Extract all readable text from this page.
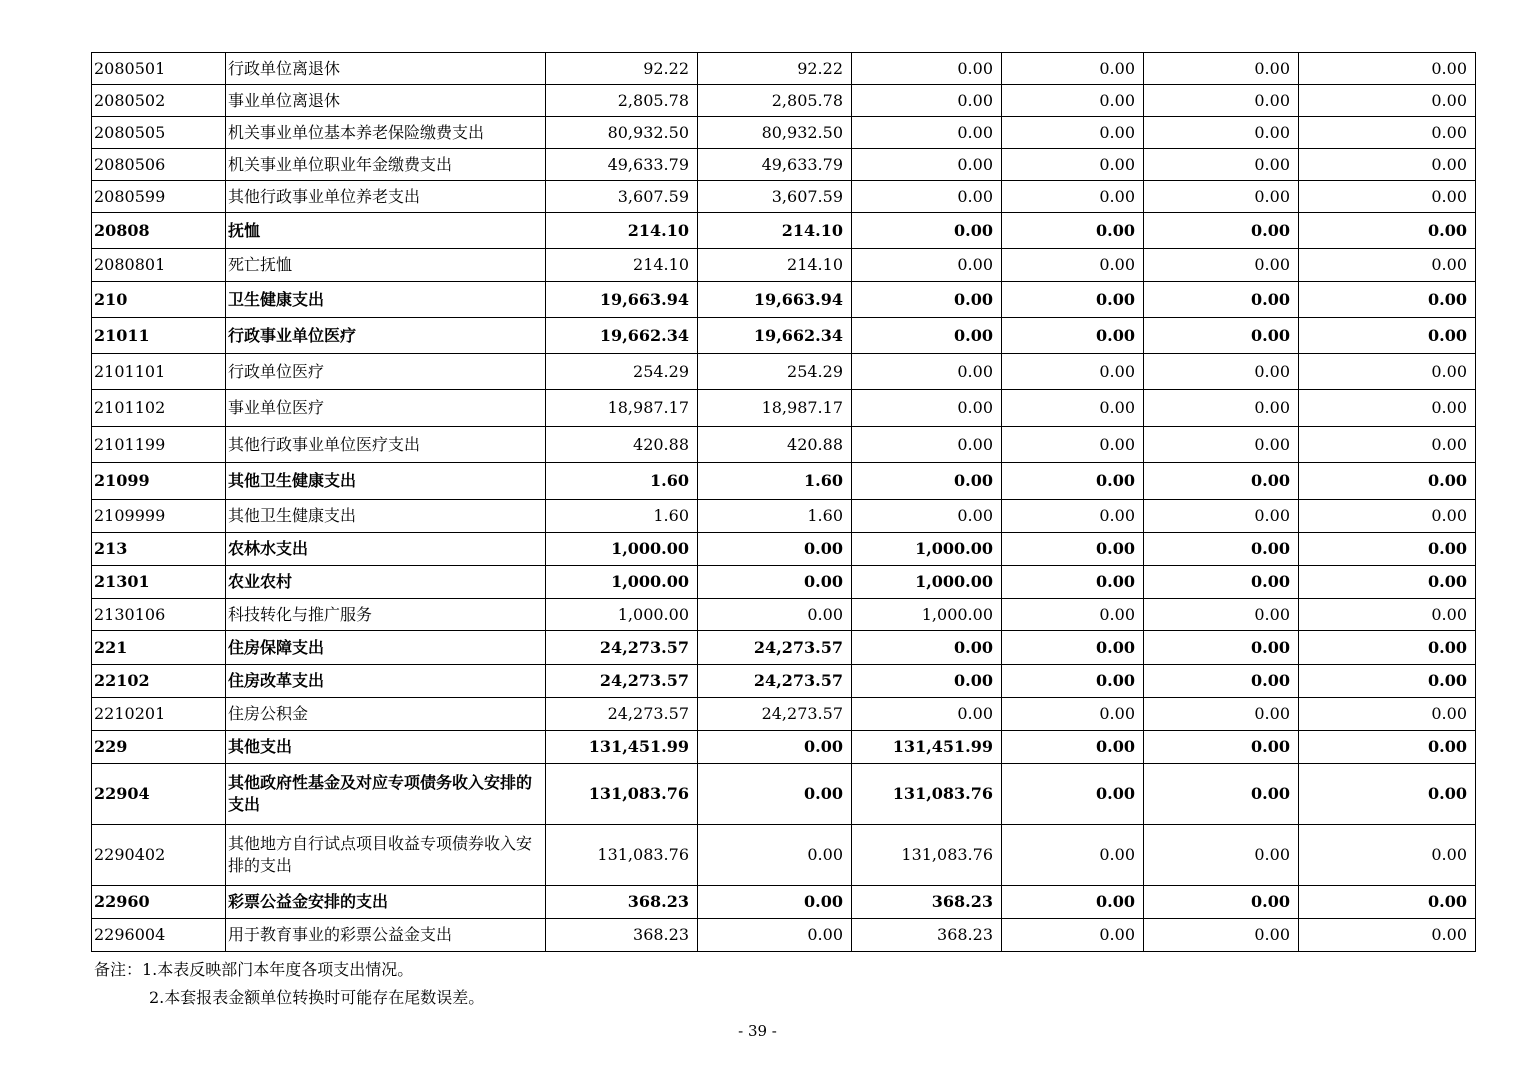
2080501	行政单位离退休	92.22	92.22	0.00	0.00	0.00	0.00
2080502	事业单位离退休	2,805.78	2,805.78	0.00	0.00	0.00	0.00
2080505	机关事业单位基本养老保险缴费支出	80,932.50	80,932.50	0.00	0.00	0.00	0.00
2080506	机关事业单位职业年金缴费支出	49,633.79	49,633.79	0.00	0.00	0.00	0.00
2080599	其他行政事业单位养老支出	3,607.59	3,607.59	0.00	0.00	0.00	0.00
20808	抚恤	214.10	214.10	0.00	0.00	0.00	0.00
2080801	死亡抚恤	214.10	214.10	0.00	0.00	0.00	0.00
210	卫生健康支出	19,663.94	19,663.94	0.00	0.00	0.00	0.00
21011	行政事业单位医疗	19,662.34	19,662.34	0.00	0.00	0.00	0.00
2101101	行政单位医疗	254.29	254.29	0.00	0.00	0.00	0.00
2101102	事业单位医疗	18,987.17	18,987.17	0.00	0.00	0.00	0.00
2101199	其他行政事业单位医疗支出	420.88	420.88	0.00	0.00	0.00	0.00
21099	其他卫生健康支出	1.60	1.60	0.00	0.00	0.00	0.00
2109999	其他卫生健康支出	1.60	1.60	0.00	0.00	0.00	0.00
213	农林水支出	1,000.00	0.00	1,000.00	0.00	0.00	0.00
21301	农业农村	1,000.00	0.00	1,000.00	0.00	0.00	0.00
2130106	科技转化与推广服务	1,000.00	0.00	1,000.00	0.00	0.00	0.00
221	住房保障支出	24,273.57	24,273.57	0.00	0.00	0.00	0.00
22102	住房改革支出	24,273.57	24,273.57	0.00	0.00	0.00	0.00
2210201	住房公积金	24,273.57	24,273.57	0.00	0.00	0.00	0.00
229	其他支出	131,451.99	0.00	131,451.99	0.00	0.00	0.00
22904	其他政府性基金及对应专项债务收入安排的支出	131,083.76	0.00	131,083.76	0.00	0.00	0.00
2290402	其他地方自行试点项目收益专项债券收入安排的支出	131,083.76	0.00	131,083.76	0.00	0.00	0.00
22960	彩票公益金安排的支出	368.23	0.00	368.23	0.00	0.00	0.00
2296004	用于教育事业的彩票公益金支出	368.23	0.00	368.23	0.00	0.00	0.00
备注：1.本表反映部门本年度各项支出情况。
2.本套报表金额单位转换时可能存在尾数误差。
- 39 -
